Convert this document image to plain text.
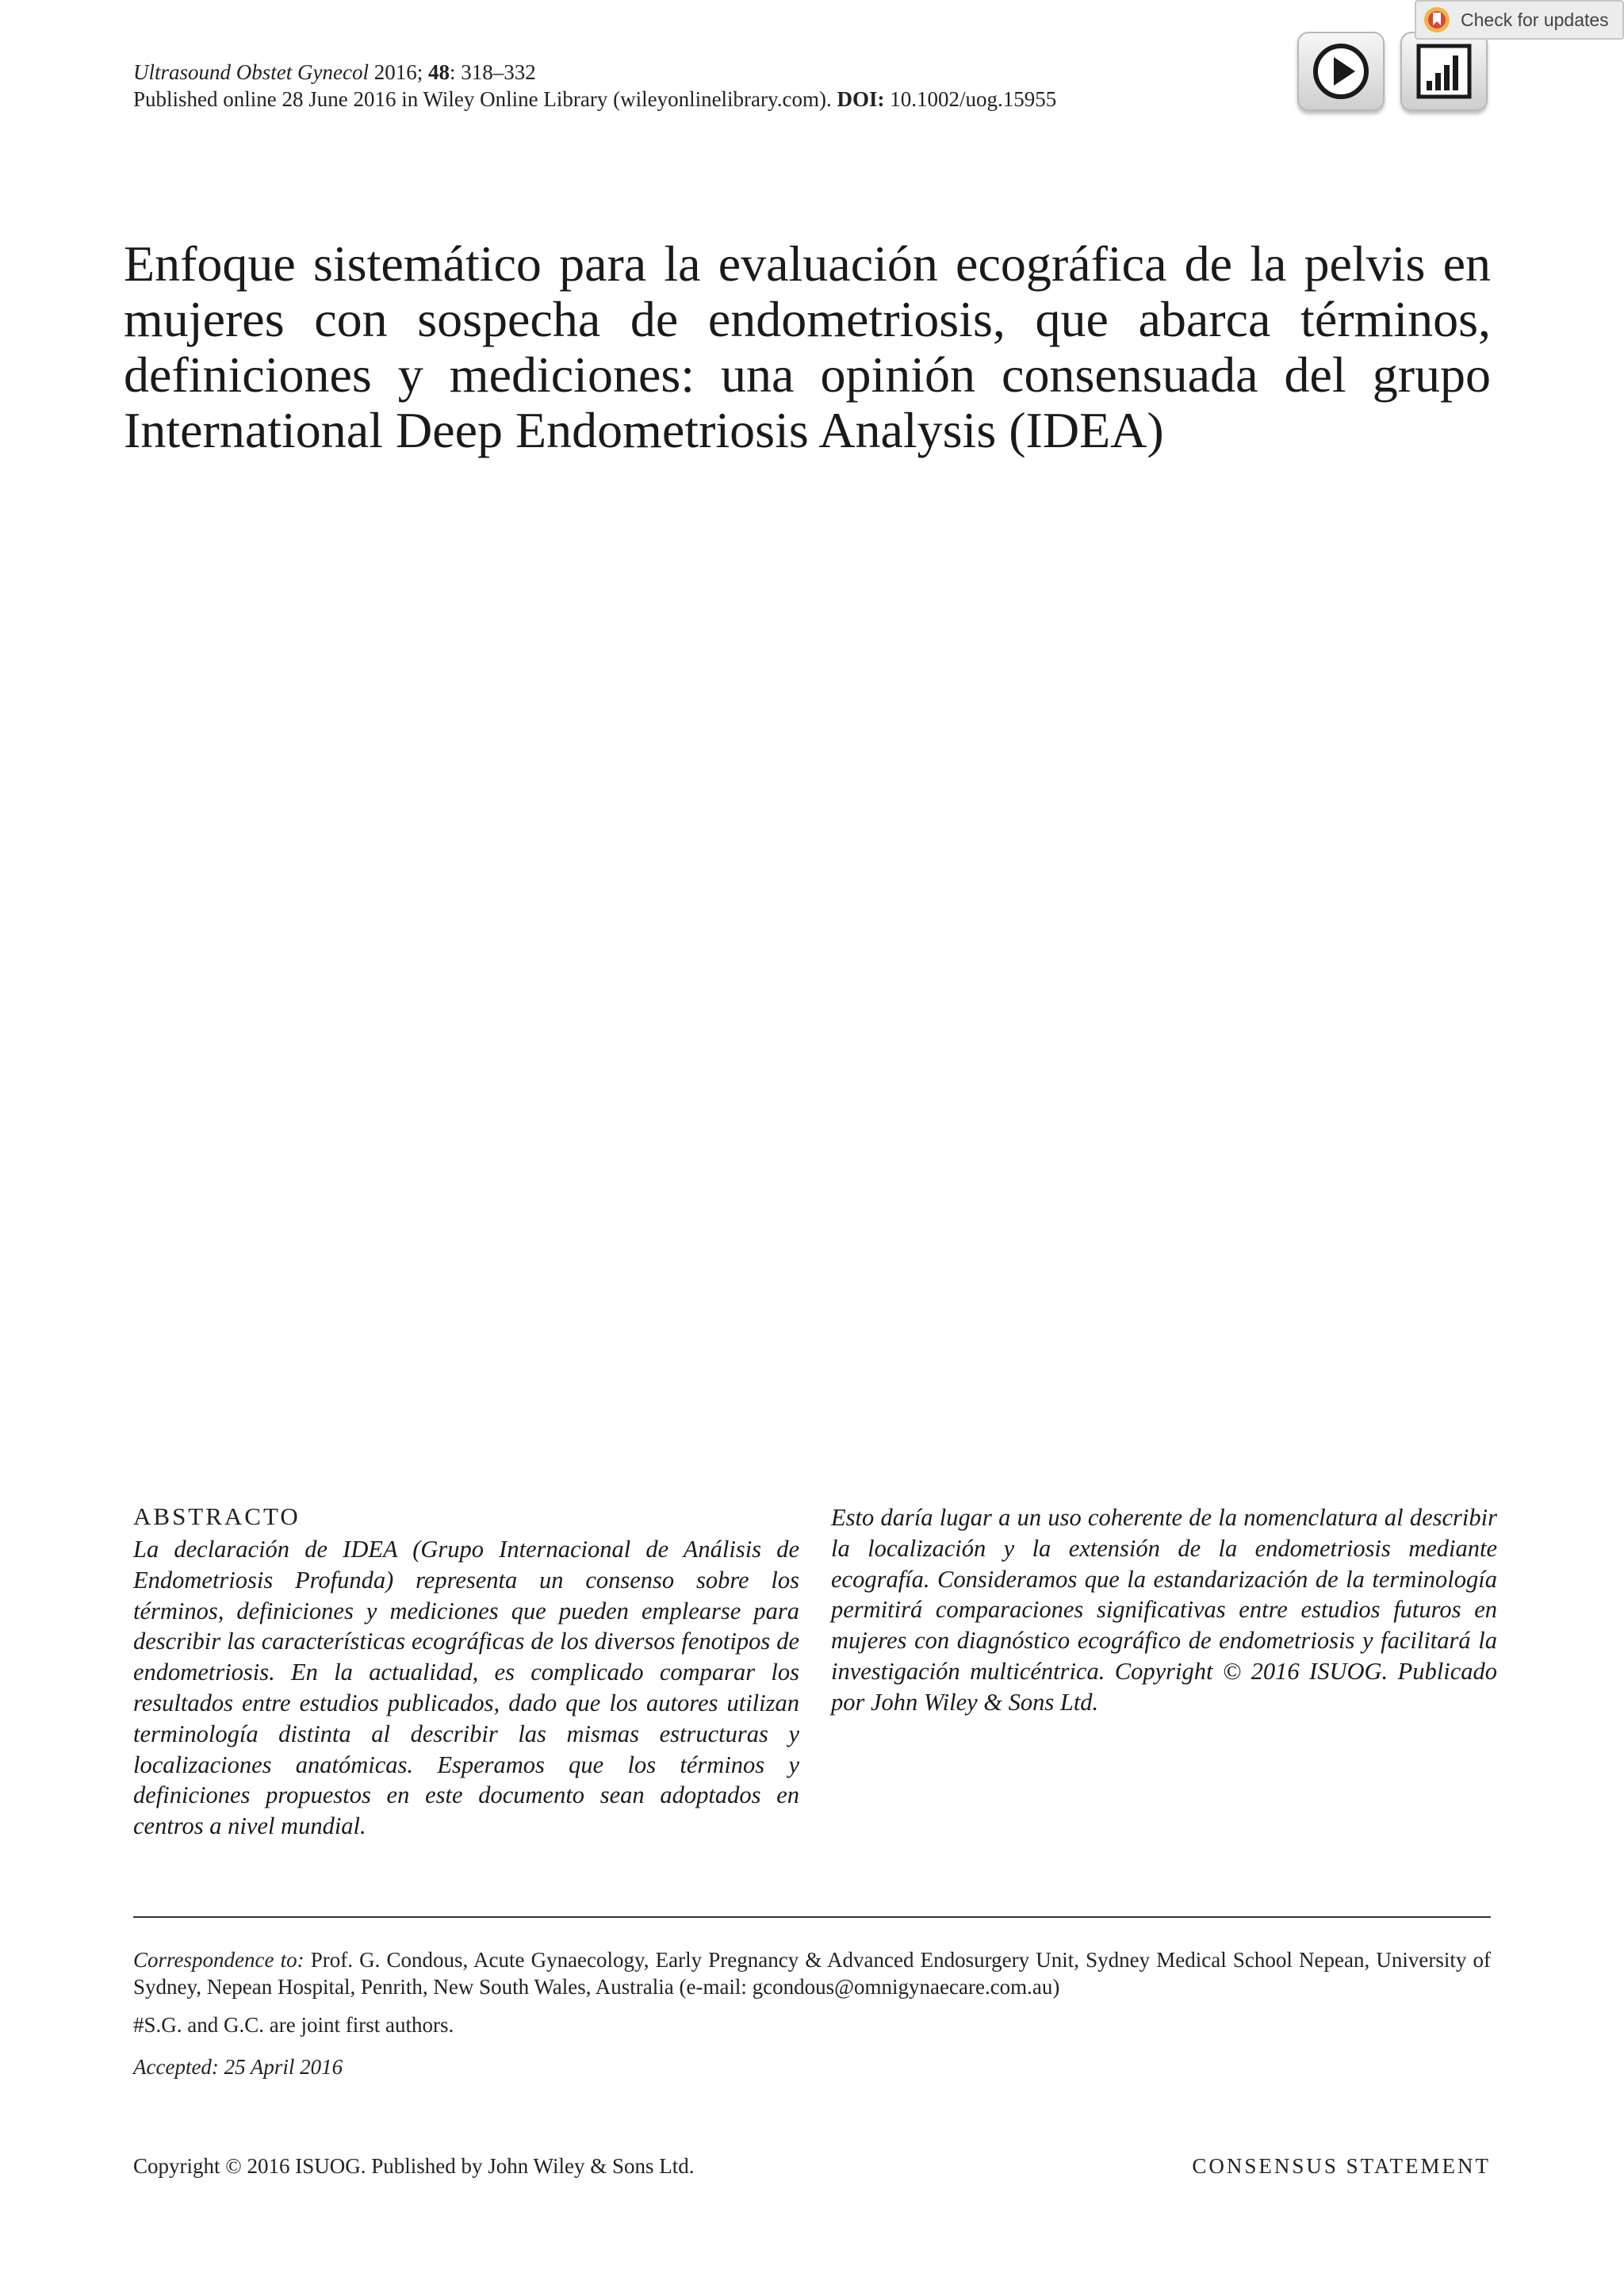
Ultrasound Obstet Gynecol 2016; 48: 318–332
Published online 28 June 2016 in Wiley Online Library (wileyonlinelibrary.com). DOI: 10.1002/uog.15955
Check for updates
Enfoque sistemático para la evaluación ecográfica de la pelvis en mujeres con sospecha de endometriosis, que abarca términos, definiciones y mediciones: una opinión consensuada del grupo International Deep Endometriosis Analysis (IDEA)
ABSTRACTO

La declaración de IDEA (Grupo Internacional de Análisis de Endometriosis Profunda) representa un consenso sobre los términos, definiciones y mediciones que pueden emplearse para describir las características ecográficas de los diversos fenotipos de endometriosis. En la actualidad, es complicado comparar los resultados entre estudios publicados, dado que los autores utilizan terminología distinta al describir las mismas estructuras y localizaciones anatómicas. Esperamos que los términos y definiciones propuestos en este documento sean adoptados en centros a nivel mundial.

Esto daría lugar a un uso coherente de la nomenclatura al describir la localización y la extensión de la endometriosis mediante ecografía. Consideramos que la estandarización de la terminología permitirá comparaciones significativas entre estudios futuros en mujeres con diagnóstico ecográfico de endometriosis y facilitará la investigación multicéntrica. Copyright © 2016 ISUOG. Publicado por John Wiley & Sons Ltd.

Correspondence to: Prof. G. Condous, Acute Gynaecology, Early Pregnancy & Advanced Endosurgery Unit, Sydney Medical School Nepean, University of Sydney, Nepean Hospital, Penrith, New South Wales, Australia (e-mail: gcondous@omnigynaecare.com.au)

#S.G. and G.C. are joint first authors.

Accepted: 25 April 2016

Copyright © 2016 ISUOG. Published by John Wiley & Sons Ltd.	CONSENSUS STATEMENT
